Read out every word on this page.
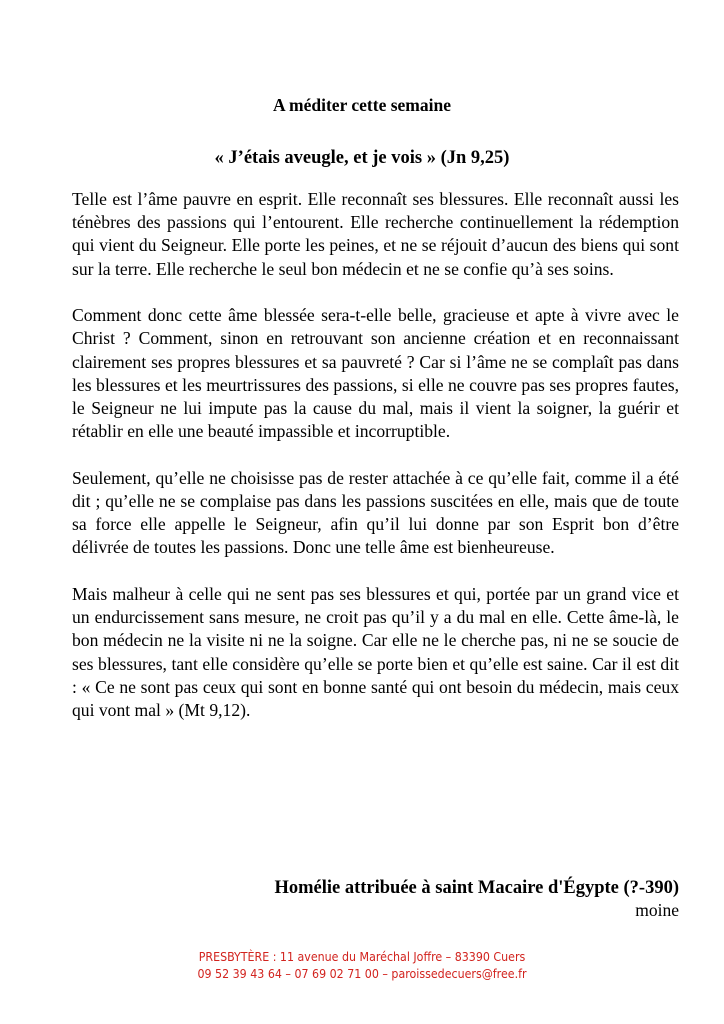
A méditer cette semaine
« J’étais aveugle, et je vois » (Jn 9,25)

Telle est l’âme pauvre en esprit. Elle reconnaît ses blessures. Elle reconnaît aussi les ténèbres des passions qui l’entourent. Elle recherche continuellement la rédemption qui vient du Seigneur. Elle porte les peines, et ne se réjouit d’aucun des biens qui sont sur la terre. Elle recherche le seul bon médecin et ne se confie qu’à ses soins.

Comment donc cette âme blessée sera-t-elle belle, gracieuse et apte à vivre avec le Christ ? Comment, sinon en retrouvant son ancienne création et en reconnaissant clairement ses propres blessures et sa pauvreté ? Car si l’âme ne se complaît pas dans les blessures et les meurtrissures des passions, si elle ne couvre pas ses propres fautes, le Seigneur ne lui impute pas la cause du mal, mais il vient la soigner, la guérir et rétablir en elle une beauté impassible et incorruptible.

Seulement, qu’elle ne choisisse pas de rester attachée à ce qu’elle fait, comme il a été dit ; qu’elle ne se complaise pas dans les passions suscitées en elle, mais que de toute sa force elle appelle le Seigneur, afin qu’il lui donne par son Esprit bon d’être délivrée de toutes les passions. Donc une telle âme est bienheureuse.

Mais malheur à celle qui ne sent pas ses blessures et qui, portée par un grand vice et un endurcissement sans mesure, ne croit pas qu’il y a du mal en elle. Cette âme-là, le bon médecin ne la visite ni ne la soigne. Car elle ne le cherche pas, ni ne se soucie de ses blessures, tant elle considère qu’elle se porte bien et qu’elle est saine. Car il est dit : « Ce ne sont pas ceux qui sont en bonne santé qui ont besoin du médecin, mais ceux qui vont mal » (Mt 9,12).

Homélie attribuée à saint Macaire d'Égypte (?-390)
moine
PRESBYTÈRE : 11 avenue du Maréchal Joffre – 83390 Cuers
09 52 39 43 64 – 07 69 02 71 00 – paroissedecuers@free.fr
